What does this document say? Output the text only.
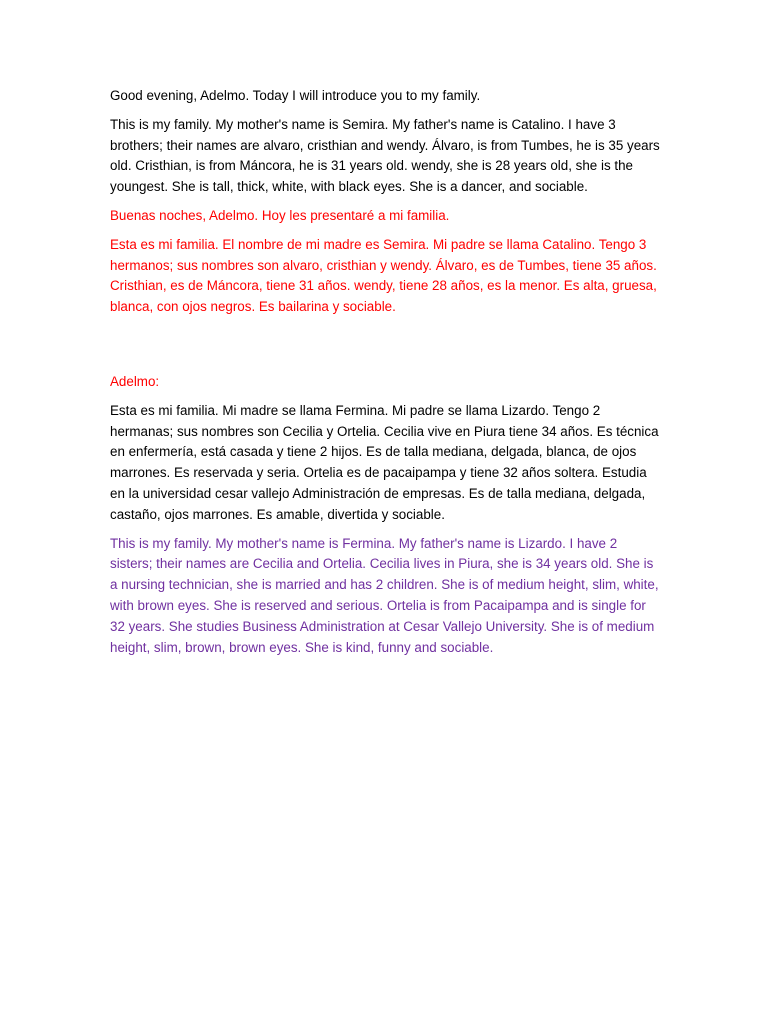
Good evening, Adelmo. Today I will introduce you to my family.

This is my family. My mother's name is Semira. My father's name is Catalino. I have 3 brothers; their names are alvaro, cristhian and wendy. Álvaro, is from Tumbes, he is 35 years old. Cristhian, is from Máncora, he is 31 years old. wendy, she is 28 years old, she is the youngest. She is tall, thick, white, with black eyes. She is a dancer, and sociable.

Buenas noches, Adelmo. Hoy les presentaré a mi familia.

Esta es mi familia. El nombre de mi madre es Semira. Mi padre se llama Catalino. Tengo 3 hermanos; sus nombres son alvaro, cristhian y wendy. Álvaro, es de Tumbes, tiene 35 años. Cristhian, es de Máncora, tiene 31 años. wendy, tiene 28 años, es la menor. Es alta, gruesa, blanca, con ojos negros. Es bailarina y sociable.

Adelmo:

Esta es mi familia. Mi madre se llama Fermina. Mi padre se llama Lizardo. Tengo 2 hermanas; sus nombres son Cecilia y Ortelia. Cecilia vive en Piura tiene 34 años. Es técnica en enfermería, está casada y tiene 2 hijos. Es de talla mediana, delgada, blanca, de ojos marrones. Es reservada y seria. Ortelia es de pacaipampa y tiene 32 años soltera. Estudia en la universidad cesar vallejo Administración de empresas. Es de talla mediana, delgada, castaño, ojos marrones. Es amable, divertida y sociable.

This is my family. My mother's name is Fermina. My father's name is Lizardo. I have 2 sisters; their names are Cecilia and Ortelia. Cecilia lives in Piura, she is 34 years old. She is a nursing technician, she is married and has 2 children. She is of medium height, slim, white, with brown eyes. She is reserved and serious. Ortelia is from Pacaipampa and is single for 32 years. She studies Business Administration at Cesar Vallejo University. She is of medium height, slim, brown, brown eyes. She is kind, funny and sociable.
